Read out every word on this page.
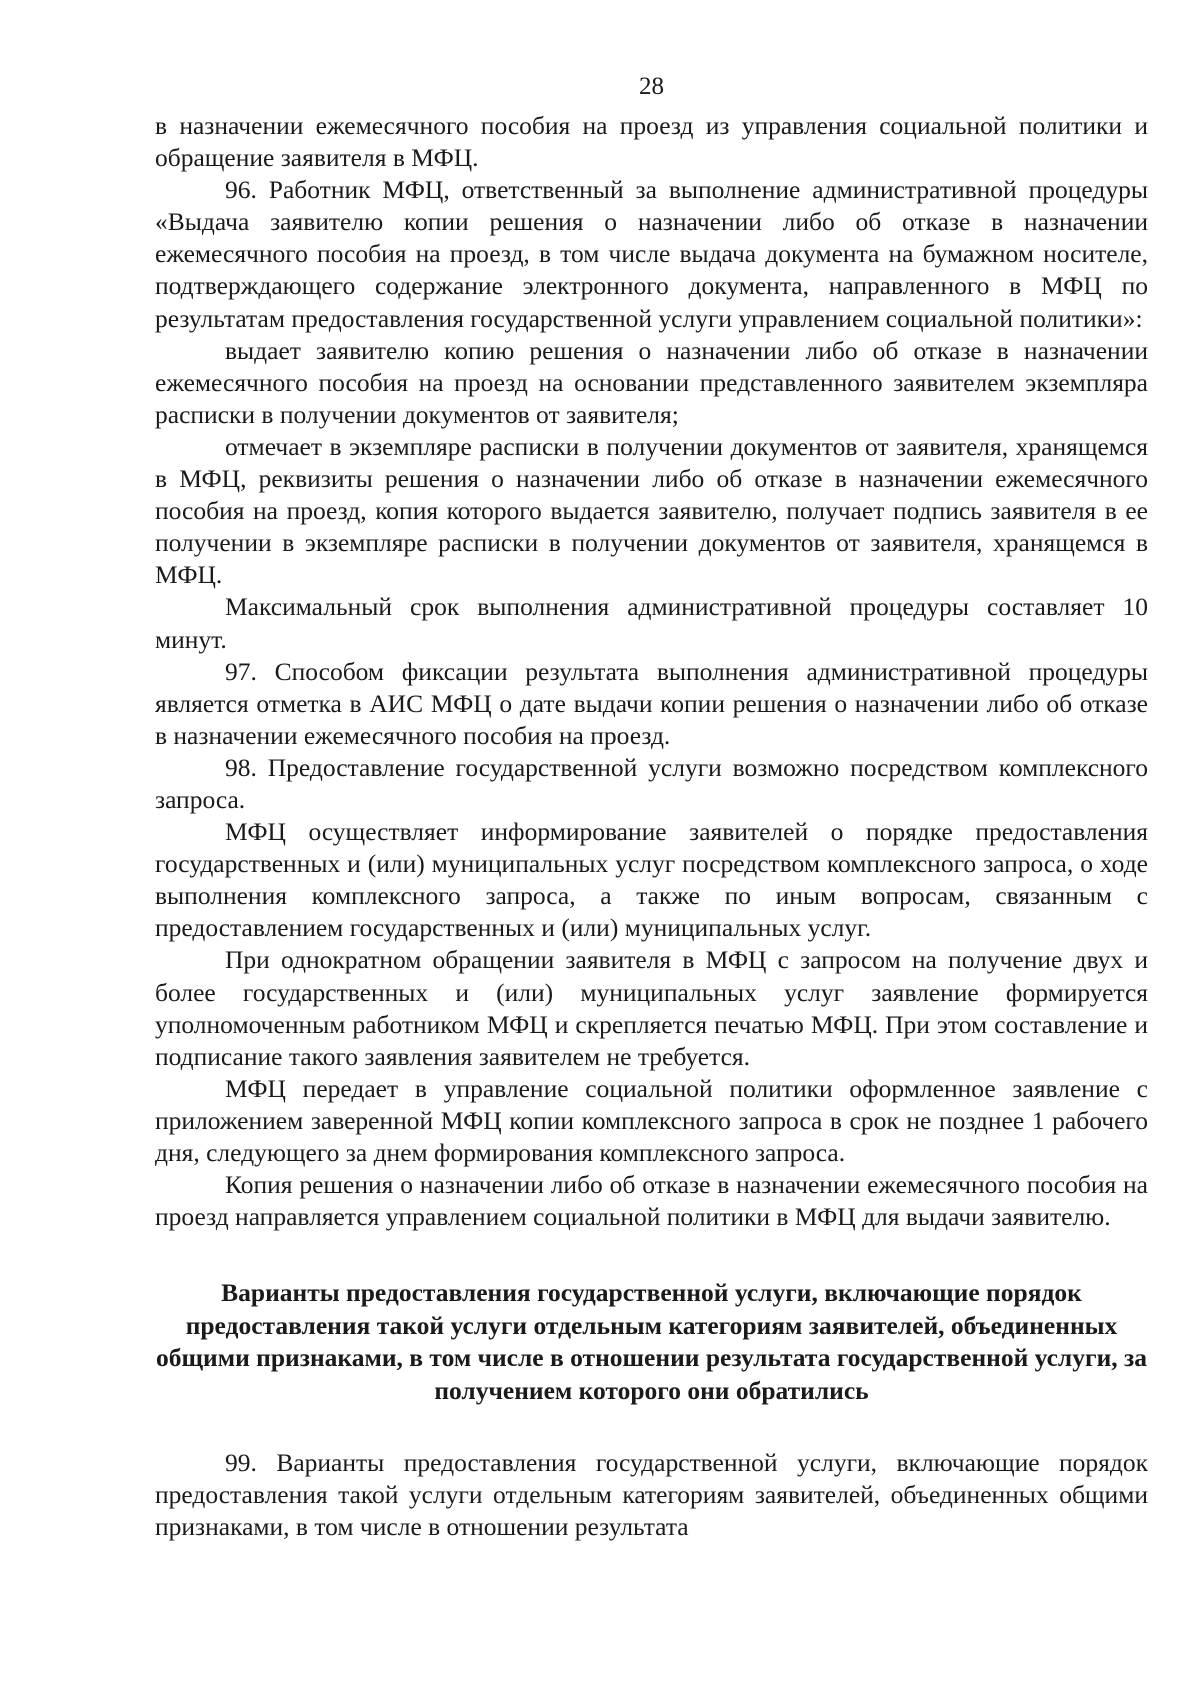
28

в назначении ежемесячного пособия на проезд из управления социальной политики и обращение заявителя в МФЦ.

96. Работник МФЦ, ответственный за выполнение административной процедуры «Выдача заявителю копии решения о назначении либо об отказе в назначении ежемесячного пособия на проезд, в том числе выдача документа на бумажном носителе, подтверждающего содержание электронного документа, направленного в МФЦ по результатам предоставления государственной услуги управлением социальной политики»:

выдает заявителю копию решения о назначении либо об отказе в назначении ежемесячного пособия на проезд на основании представленного заявителем экземпляра расписки в получении документов от заявителя;

отмечает в экземпляре расписки в получении документов от заявителя, хранящемся в МФЦ, реквизиты решения о назначении либо об отказе в назначении ежемесячного пособия на проезд, копия которого выдается заявителю, получает подпись заявителя в ее получении в экземпляре расписки в получении документов от заявителя, хранящемся в МФЦ.

Максимальный срок выполнения административной процедуры составляет 10 минут.

97. Способом фиксации результата выполнения административной процедуры является отметка в АИС МФЦ о дате выдачи копии решения о назначении либо об отказе в назначении ежемесячного пособия на проезд.

98. Предоставление государственной услуги возможно посредством комплексного запроса.

МФЦ осуществляет информирование заявителей о порядке предоставления государственных и (или) муниципальных услуг посредством комплексного запроса, о ходе выполнения комплексного запроса, а также по иным вопросам, связанным с предоставлением государственных и (или) муниципальных услуг.

При однократном обращении заявителя в МФЦ с запросом на получение двух и более государственных и (или) муниципальных услуг заявление формируется уполномоченным работником МФЦ и скрепляется печатью МФЦ. При этом составление и подписание такого заявления заявителем не требуется.

МФЦ передает в управление социальной политики оформленное заявление с приложением заверенной МФЦ копии комплексного запроса в срок не позднее 1 рабочего дня, следующего за днем формирования комплексного запроса.

Копия решения о назначении либо об отказе в назначении ежемесячного пособия на проезд направляется управлением социальной политики в МФЦ для выдачи заявителю.

Варианты предоставления государственной услуги, включающие порядок предоставления такой услуги отдельным категориям заявителей, объединенных общими признаками, в том числе в отношении результата государственной услуги, за получением которого они обратились

99. Варианты предоставления государственной услуги, включающие порядок предоставления такой услуги отдельным категориям заявителей, объединенных общими признаками, в том числе в отношении результата
